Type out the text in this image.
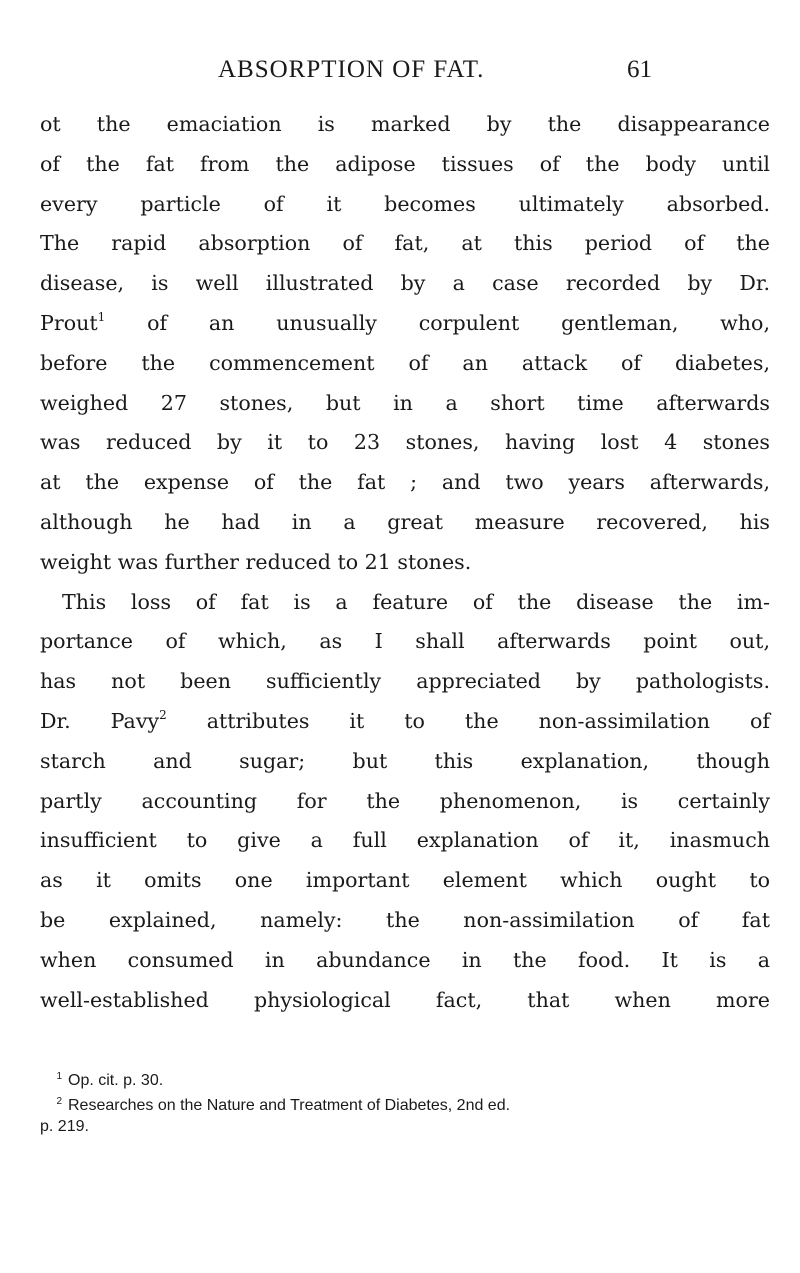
ABSORPTION OF FAT.	61
ot the emaciation is marked by the disappearance
of the fat from the adipose tissues of the body until
every particle of it becomes ultimately absorbed.
The rapid absorption of fat, at this period of the
disease, is well illustrated by a case recorded by Dr.
Prout$^1$ of an unusually corpulent gentleman, who,
before the commencement of an attack of diabetes,
weighed 27 stones, but in a short time afterwards
was reduced by it to 23 stones, having lost 4 stones
at the expense of the fat ; and two years afterwards,
although he had in a great measure recovered, his
weight was further reduced to 21 stones.
This loss of fat is a feature of the disease the im-
portance of which, as I shall afterwards point out,
has not been sufficiently appreciated by pathologists.
Dr. Pavy$^2$ attributes it to the non-assimilation of
starch and sugar; but this explanation, though
partly accounting for the phenomenon, is certainly
insufficient to give a full explanation of it, inasmuch
as it omits one important element which ought to
be explained, namely: the non-assimilation of fat
when consumed in abundance in the food. It is a
well-established physiological fact, that when more
1 Op. cit. p. 30.
2 Researches on the Nature and Treatment of Diabetes, 2nd ed.
p. 219.
